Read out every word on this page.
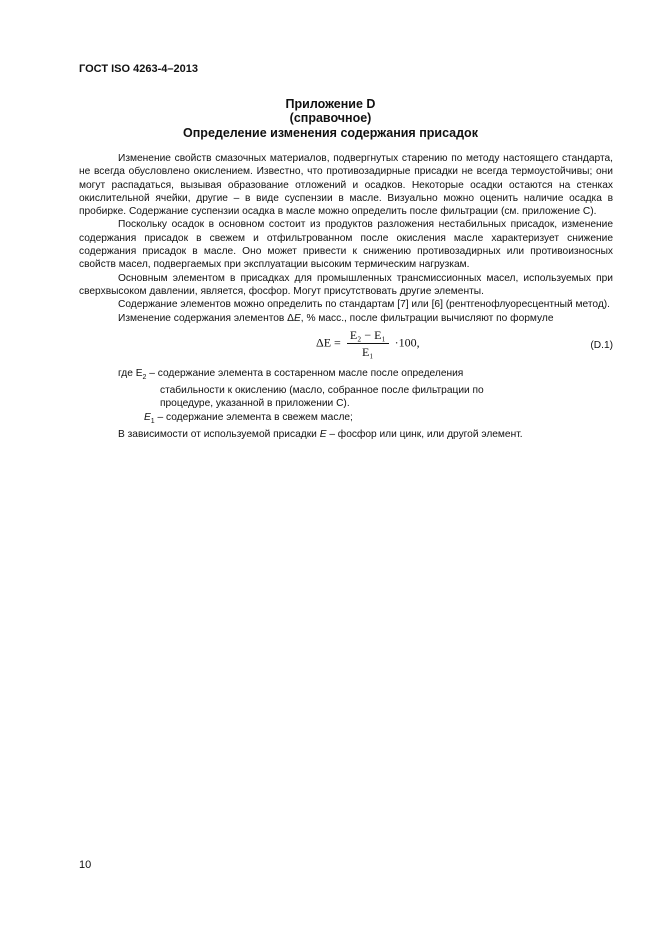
ГОСТ ISO 4263-4–2013
Приложение D
(справочное)
Определение изменения содержания присадок

Изменение свойств смазочных материалов, подвергнутых старению по методу настоящего стандарта, не всегда обусловлено окислением. Известно, что противозадирные присадки не всегда термоустойчивы; они могут распадаться, вызывая образование отложений и осадков. Некоторые осадки остаются на стенках окислительной ячейки, другие – в виде суспензии в масле. Визуально можно оценить наличие осадка в пробирке. Содержание суспензии осадка в масле можно определить после фильтрации (см. приложение С).

Поскольку осадок в основном состоит из продуктов разложения нестабильных присадок, изменение содержания присадок в свежем и отфильтрованном после окисления масле характеризует снижение содержания присадок в масле. Оно может привести к снижению противозадирных или противоизносных свойств масел, подвергаемых при эксплуатации высоким термическим нагрузкам.

Основным элементом в присадках для промышленных трансмиссионных масел, используемых при сверхвысоком давлении, является, фосфор. Могут присутствовать другие элементы.

Содержание элементов можно определить по стандартам [7] или [6] (рентгенофлуоресцентный метод).

Изменение содержания элементов ΔE, % масс., после фильтрации вычисляют по формуле

$\Delta E = \frac{\text{E₂ − E₁}}{\text{E₁}} \cdot 100$,	(D.1)
где $E_2$ – содержание элемента в состаренном масле после определения
стабильности к окислению (масло, собранное после фильтрации по
процедуре, указанной в приложении С).
$E_1$ – содержание элемента в свежем масле;
В зависимости от используемой присадки E – фосфор или цинк, или другой элемент.
10
